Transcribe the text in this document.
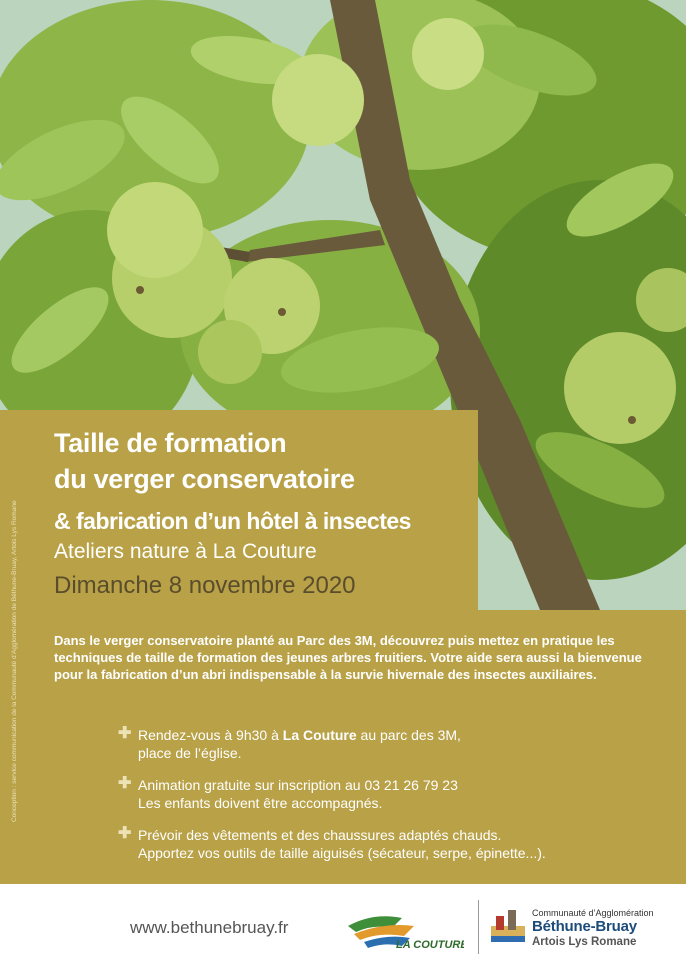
Taille de formation
du verger conservatoire
& fabrication d’un hôtel à insectes
Ateliers nature à La Couture
Dimanche 8 novembre 2020
Conception : service communication de la Communauté d’Agglomération de Béthune-Bruay, Artois Lys Romane	Dans le verger conservatoire planté au Parc des 3M, découvrez puis mettez en pratique les techniques de taille de formation des jeunes arbres fruitiers. Votre aide sera aussi la bienvenue pour la fabrication d’un abri indispensable à la survie hivernale des insectes auxiliaires.

✚ Rendez-vous à 9h30 à La Couture au parc des 3M,
place de l’église.
✚ Animation gratuite sur inscription au 03 21 26 79 23
Les enfants doivent être accompagnés.
✚ Prévoir des vêtements et des chaussures adaptés chauds.
Apportez vos outils de taille aiguisés (sécateur, serpe, épinette...).
www.bethunebruay.fr
LA COUTURE
Communauté d’Agglomération
Béthune-Bruay
Artois Lys Romane
